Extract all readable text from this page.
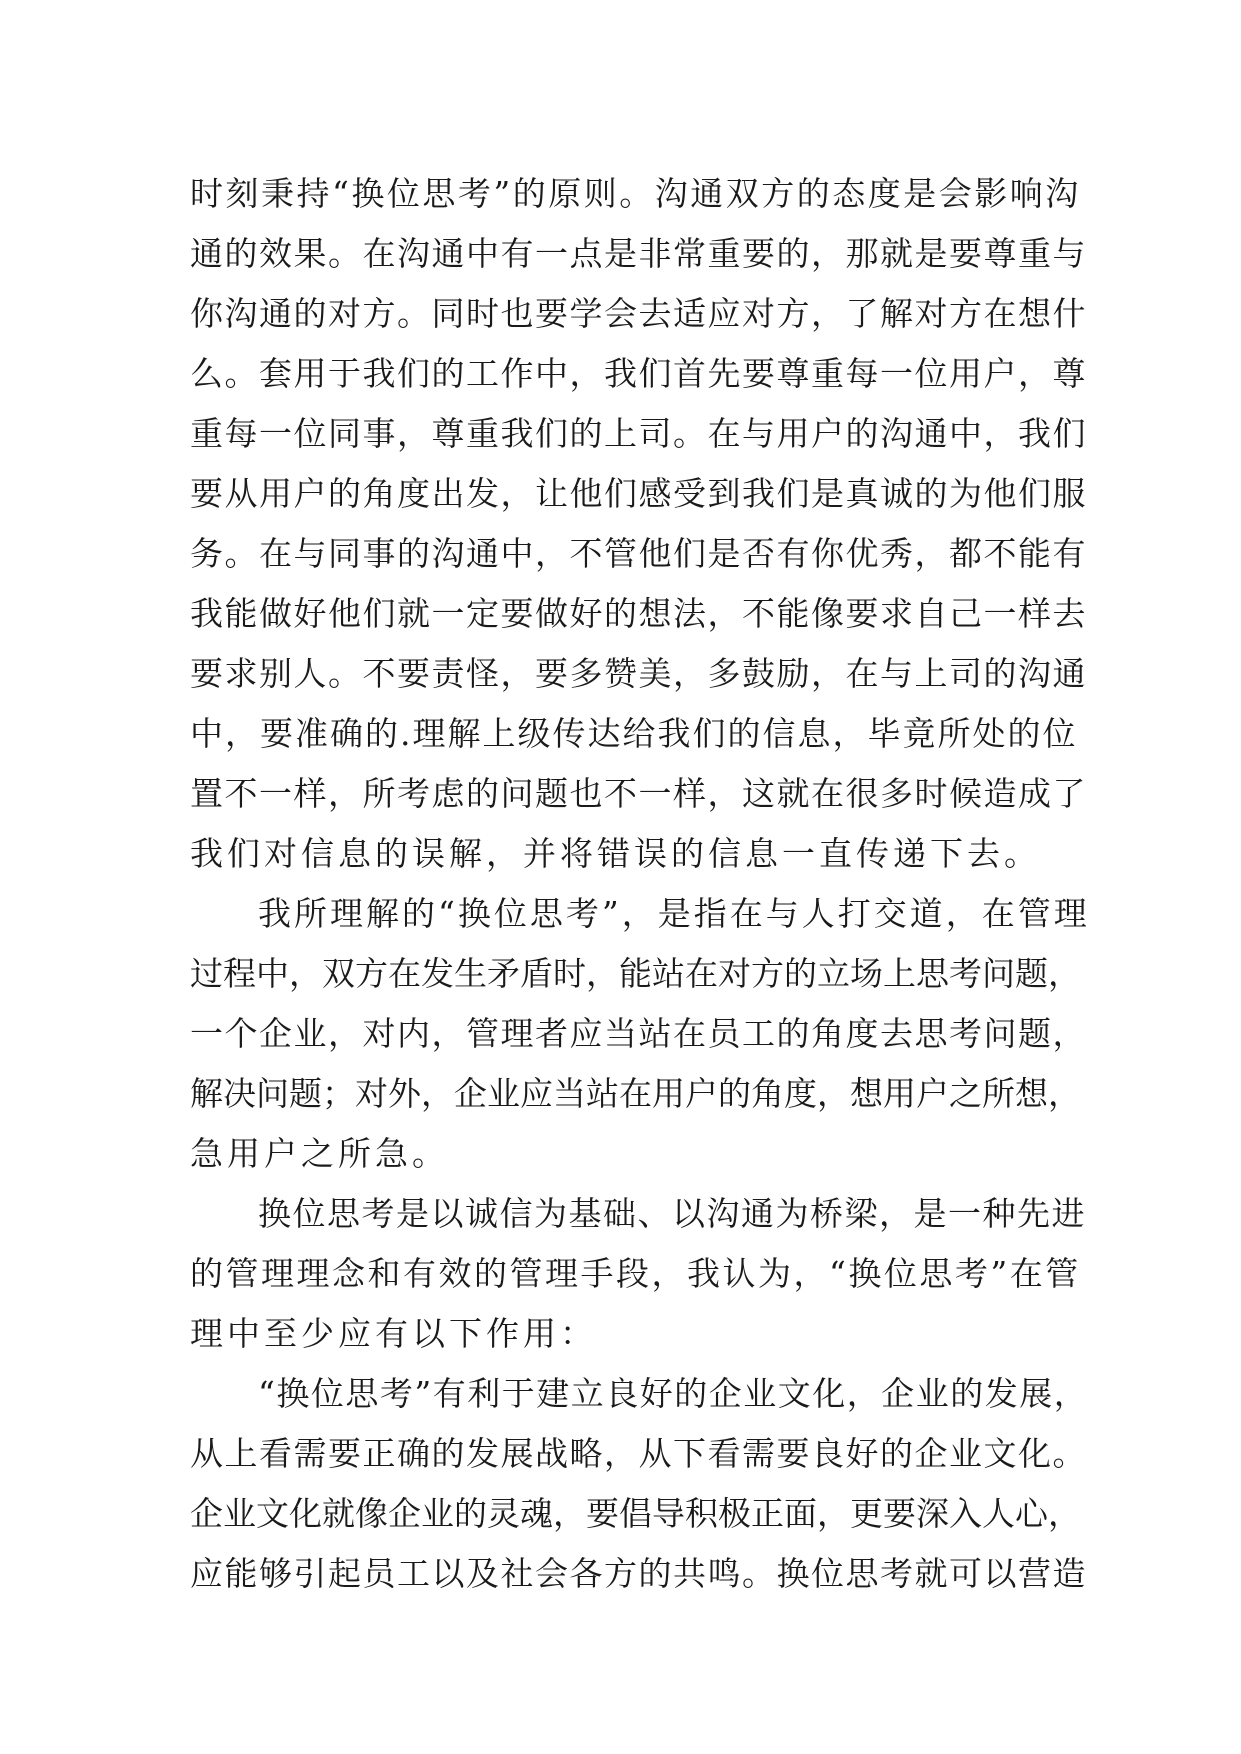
时刻秉持“换位思考”的原则。沟通双方的态度是会影响沟
通的效果。在沟通中有一点是非常重要的，那就是要尊重与
你沟通的对方。同时也要学会去适应对方，了解对方在想什
么。套用于我们的工作中，我们首先要尊重每一位用户，尊
重每一位同事，尊重我们的上司。在与用户的沟通中，我们
要从用户的角度出发，让他们感受到我们是真诚的为他们服
务。在与同事的沟通中，不管他们是否有你优秀，都不能有
我能做好他们就一定要做好的想法，不能像要求自己一样去
要求别人。不要责怪，要多赞美，多鼓励，在与上司的沟通
中，要准确的.理解上级传达给我们的信息，毕竟所处的位
置不一样，所考虑的问题也不一样，这就在很多时候造成了
我们对信息的误解，并将错误的信息一直传递下去。
我所理解的“换位思考”，是指在与人打交道，在管理
过程中，双方在发生矛盾时，能站在对方的立场上思考问题，
一个企业，对内，管理者应当站在员工的角度去思考问题，
解决问题；对外，企业应当站在用户的角度，想用户之所想，
急用户之所急。
换位思考是以诚信为基础、以沟通为桥梁，是一种先进
的管理理念和有效的管理手段，我认为，“换位思考”在管
理中至少应有以下作用：
“换位思考”有利于建立良好的企业文化，企业的发展，
从上看需要正确的发展战略，从下看需要良好的企业文化。
企业文化就像企业的灵魂，要倡导积极正面，更要深入人心，
应能够引起员工以及社会各方的共鸣。换位思考就可以营造
